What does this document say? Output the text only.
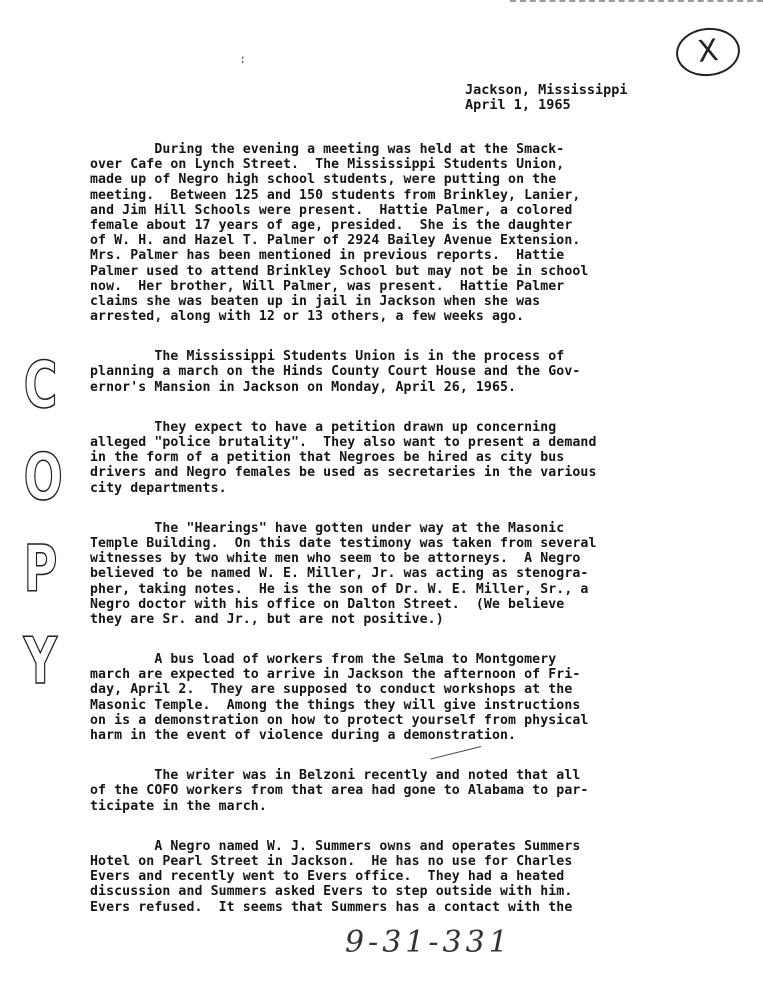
:	X
Jackson, Mississippi
April 1, 1965
C
O
P
Y
During the evening a meeting was held at the Smack-
over Cafe on Lynch Street.  The Mississippi Students Union,
made up of Negro high school students, were putting on the
meeting.  Between 125 and 150 students from Brinkley, Lanier,
and Jim Hill Schools were present.  Hattie Palmer, a colored
female about 17 years of age, presided.  She is the daughter
of W. H. and Hazel T. Palmer of 2924 Bailey Avenue Extension.
Mrs. Palmer has been mentioned in previous reports.  Hattie
Palmer used to attend Brinkley School but may not be in school
now.  Her brother, Will Palmer, was present.  Hattie Palmer
claims she was beaten up in jail in Jackson when she was
arrested, along with 12 or 13 others, a few weeks ago.
The Mississippi Students Union is in the process of
planning a march on the Hinds County Court House and the Gov-
ernor's Mansion in Jackson on Monday, April 26, 1965.
They expect to have a petition drawn up concerning
alleged "police brutality".  They also want to present a demand
in the form of a petition that Negroes be hired as city bus
drivers and Negro females be used as secretaries in the various
city departments.
The "Hearings" have gotten under way at the Masonic
Temple Building.  On this date testimony was taken from several
witnesses by two white men who seem to be attorneys.  A Negro
believed to be named W. E. Miller, Jr. was acting as stenogra-
pher, taking notes.  He is the son of Dr. W. E. Miller, Sr., a
Negro doctor with his office on Dalton Street.  (We believe
they are Sr. and Jr., but are not positive.)
A bus load of workers from the Selma to Montgomery
march are expected to arrive in Jackson the afternoon of Fri-
day, April 2.  They are supposed to conduct workshops at the
Masonic Temple.  Among the things they will give instructions
on is a demonstration on how to protect yourself from physical
harm in the event of violence during a demonstration.
The writer was in Belzoni recently and noted that all
of the COFO workers from that area had gone to Alabama to par-
ticipate in the march.
A Negro named W. J. Summers owns and operates Summers
Hotel on Pearl Street in Jackson.  He has no use for Charles
Evers and recently went to Evers office.  They had a heated
discussion and Summers asked Evers to step outside with him.
Evers refused.  It seems that Summers has a contact with the
9-31-331
